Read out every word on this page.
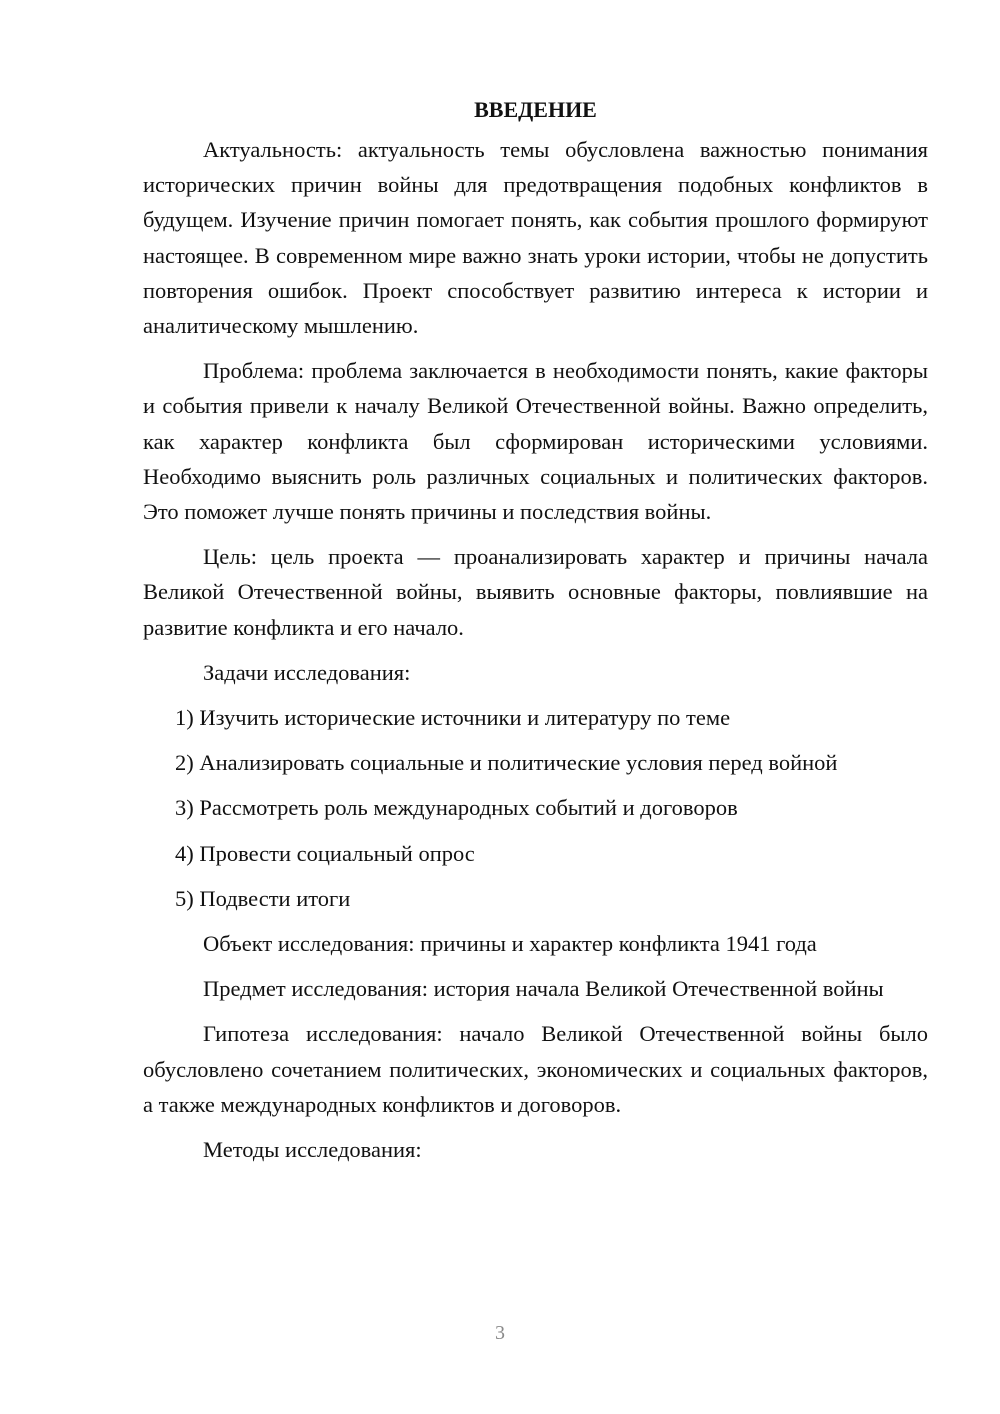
ВВЕДЕНИЕ

Актуальность: актуальность темы обусловлена важностью понимания исторических причин войны для предотвращения подобных конфликтов в будущем. Изучение причин помогает понять, как события прошлого формируют настоящее. В современном мире важно знать уроки истории, чтобы не допустить повторения ошибок. Проект способствует развитию интереса к истории и аналитическому мышлению.

Проблема: проблема заключается в необходимости понять, какие факторы и события привели к началу Великой Отечественной войны. Важно определить, как характер конфликта был сформирован историческими условиями. Необходимо выяснить роль различных социальных и политических факторов. Это поможет лучше понять причины и последствия войны.

Цель: цель проекта — проанализировать характер и причины начала Великой Отечественной войны, выявить основные факторы, повлиявшие на развитие конфликта и его начало.

Задачи исследования:

1) Изучить исторические источники и литературу по теме
2) Анализировать социальные и политические условия перед войной
3) Рассмотреть роль международных событий и договоров
4) Провести социальный опрос
5) Подвести итоги

Объект исследования: причины и характер конфликта 1941 года

Предмет исследования: история начала Великой Отечественной войны

Гипотеза исследования: начало Великой Отечественной войны было обусловлено сочетанием политических, экономических и социальных факторов, а также международных конфликтов и договоров.

Методы исследования:

3
